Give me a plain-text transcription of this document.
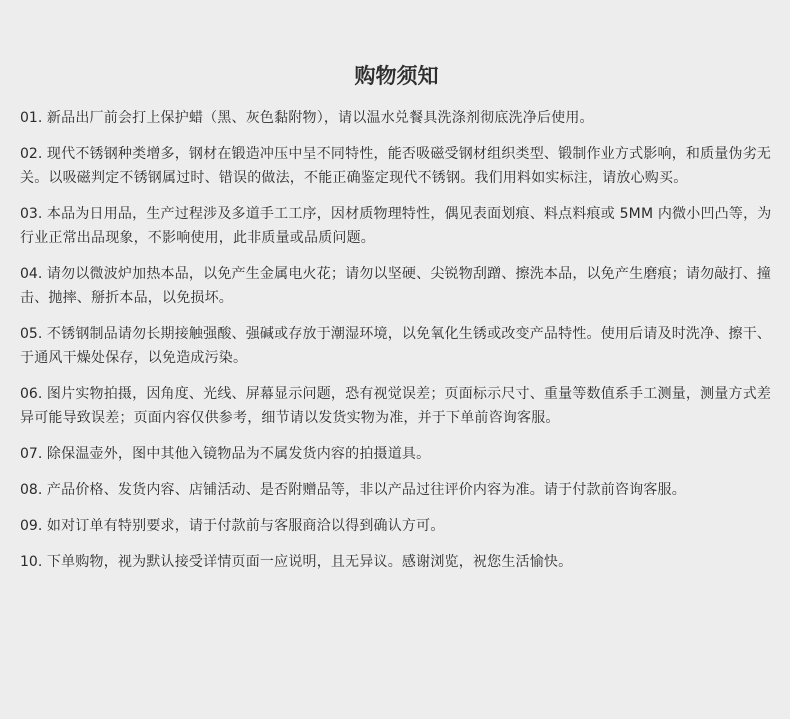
购物须知
01. 新品出厂前会打上保护蜡（黑、灰色黏附物），请以温水兑餐具洗涤剂彻底洗净后使用。
02. 现代不锈钢种类增多，钢材在锻造冲压中呈不同特性，能否吸磁受钢材组织类型、锻制作业方式影响，和质量伪劣无关。以吸磁判定不锈钢属过时、错误的做法，不能正确鉴定现代不锈钢。我们用料如实标注，请放心购买。
03. 本品为日用品，生产过程涉及多道手工工序，因材质物理特性，偶见表面划痕、料点料痕或 5MM 内微小凹凸等，为行业正常出品现象，不影响使用，此非质量或品质问题。
04. 请勿以微波炉加热本品，以免产生金属电火花；请勿以坚硬、尖锐物刮蹭、擦洗本品，以免产生磨痕；请勿敲打、撞击、抛摔、掰折本品，以免损坏。
05. 不锈钢制品请勿长期接触强酸、强碱或存放于潮湿环境，以免氧化生锈或改变产品特性。使用后请及时洗净、擦干、于通风干燥处保存，以免造成污染。
06. 图片实物拍摄，因角度、光线、屏幕显示问题，恐有视觉误差；页面标示尺寸、重量等数值系手工测量，测量方式差异可能导致误差；页面内容仅供参考，细节请以发货实物为准，并于下单前咨询客服。
07. 除保温壶外，图中其他入镜物品为不属发货内容的拍摄道具。
08. 产品价格、发货内容、店铺活动、是否附赠品等，非以产品过往评价内容为准。请于付款前咨询客服。
09. 如对订单有特别要求，请于付款前与客服商洽以得到确认方可。
10. 下单购物，视为默认接受详情页面一应说明，且无异议。感谢浏览，祝您生活愉快。
